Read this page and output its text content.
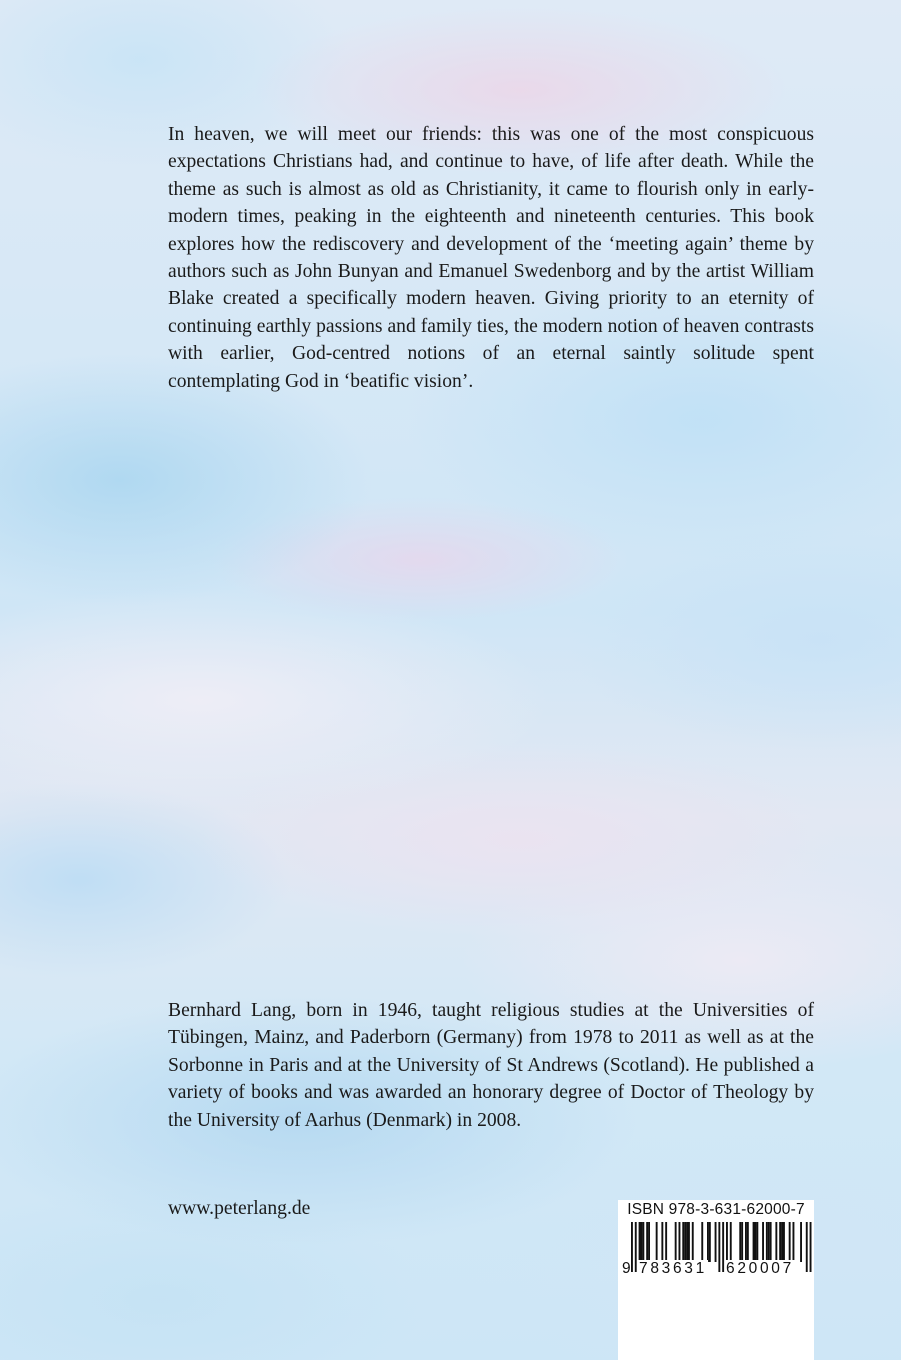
In heaven, we will meet our friends: this was one of the most conspicuous expectations Christians had, and continue to have, of life after death. While the theme as such is almost as old as Christianity, it came to flourish only in early-modern times, peaking in the eighteenth and nineteenth centuries. This book explores how the rediscovery and development of the ‘meeting again’ theme by authors such as John Bunyan and Emanuel Swedenborg and by the artist William Blake created a specifically modern heaven. Giving priority to an eternity of continuing earthly passions and family ties, the modern notion of heaven contrasts with earlier, God-centred notions of an eternal saintly solitude spent contemplating God in ‘beatific vision’.

Bernhard Lang, born in 1946, taught religious studies at the Universities of Tübingen, Mainz, and Paderborn (Germany) from 1978 to 2011 as well as at the Sorbonne in Paris and at the University of St Andrews (Scotland). He published a variety of books and was awarded an honorary degree of Doctor of Theology by the University of Aarhus (Denmark) in 2008.

www.peterlang.de	ISBN 978-3-631-62000-7
9 783631 620007
